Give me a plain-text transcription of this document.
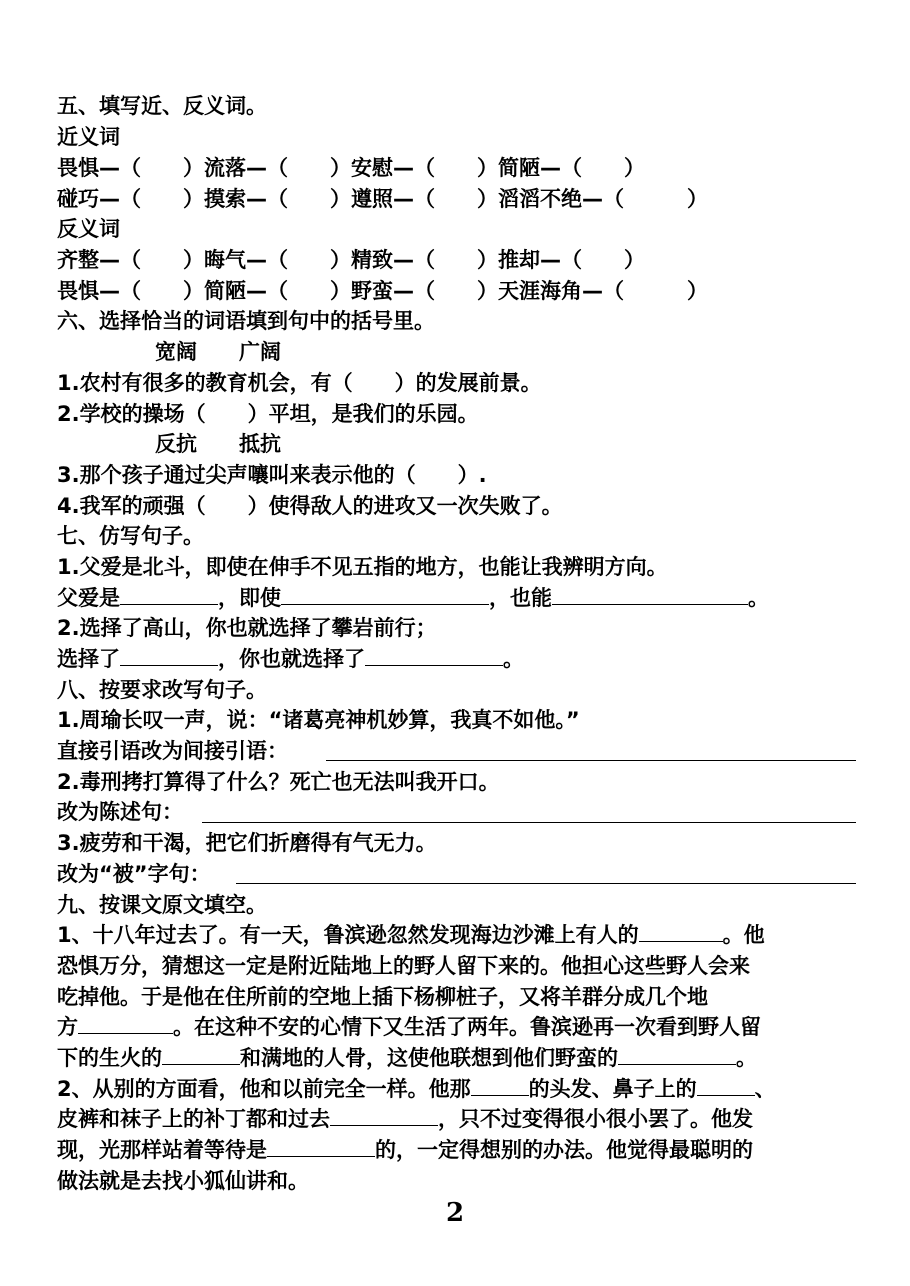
五、填写近、反义词。
近义词
畏惧—（　　）流落—（　　）安慰—（　　）简陋—（　　）
碰巧—（　　）摸索—（　　）遵照—（　　）滔滔不绝—（　　　）
反义词
齐整—（　　）晦气—（　　）精致—（　　）推却—（　　）
畏惧—（　　）简陋—（　　）野蛮—（　　）天涯海角—（　　　）
六、选择恰当的词语填到句中的括号里。
宽阔　　广阔
1.农村有很多的教育机会，有（　　）的发展前景。
2.学校的操场（　　）平坦，是我们的乐园。
反抗　　抵抗
3.那个孩子通过尖声嚷叫来表示他的（　　）.
4.我军的顽强（　　）使得敌人的进攻又一次失败了。
七、仿写句子。
1.父爱是北斗，即使在伸手不见五指的地方，也能让我辨明方向。
父爱是	，即使	，也能	。
2.选择了高山，你也就选择了攀岩前行；
选择了	，你也就选择了	。
八、按要求改写句子。
1.周瑜长叹一声，说：“诸葛亮神机妙算，我真不如他。”
直接引语改为间接引语：
2.毒刑拷打算得了什么？死亡也无法叫我开口。
改为陈述句：
3.疲劳和干渴，把它们折磨得有气无力。
改为“被”字句：
九、按课文原文填空。
1、十八年过去了。有一天，鲁滨逊忽然发现海边沙滩上有人的	。他
恐惧万分，猜想这一定是附近陆地上的野人留下来的。他担心这些野人会来
吃掉他。于是他在住所前的空地上插下杨柳桩子，又将羊群分成几个地
方	。在这种不安的心情下又生活了两年。鲁滨逊再一次看到野人留
下的生火的	和满地的人骨，这使他联想到他们野蛮的	。
2、从别的方面看，他和以前完全一样。他那	的头发、鼻子上的	、
皮裤和袜子上的补丁都和过去	，只不过变得很小很小罢了。他发
现，光那样站着等待是	的，一定得想别的办法。他觉得最聪明的
做法就是去找小狐仙讲和。
2
